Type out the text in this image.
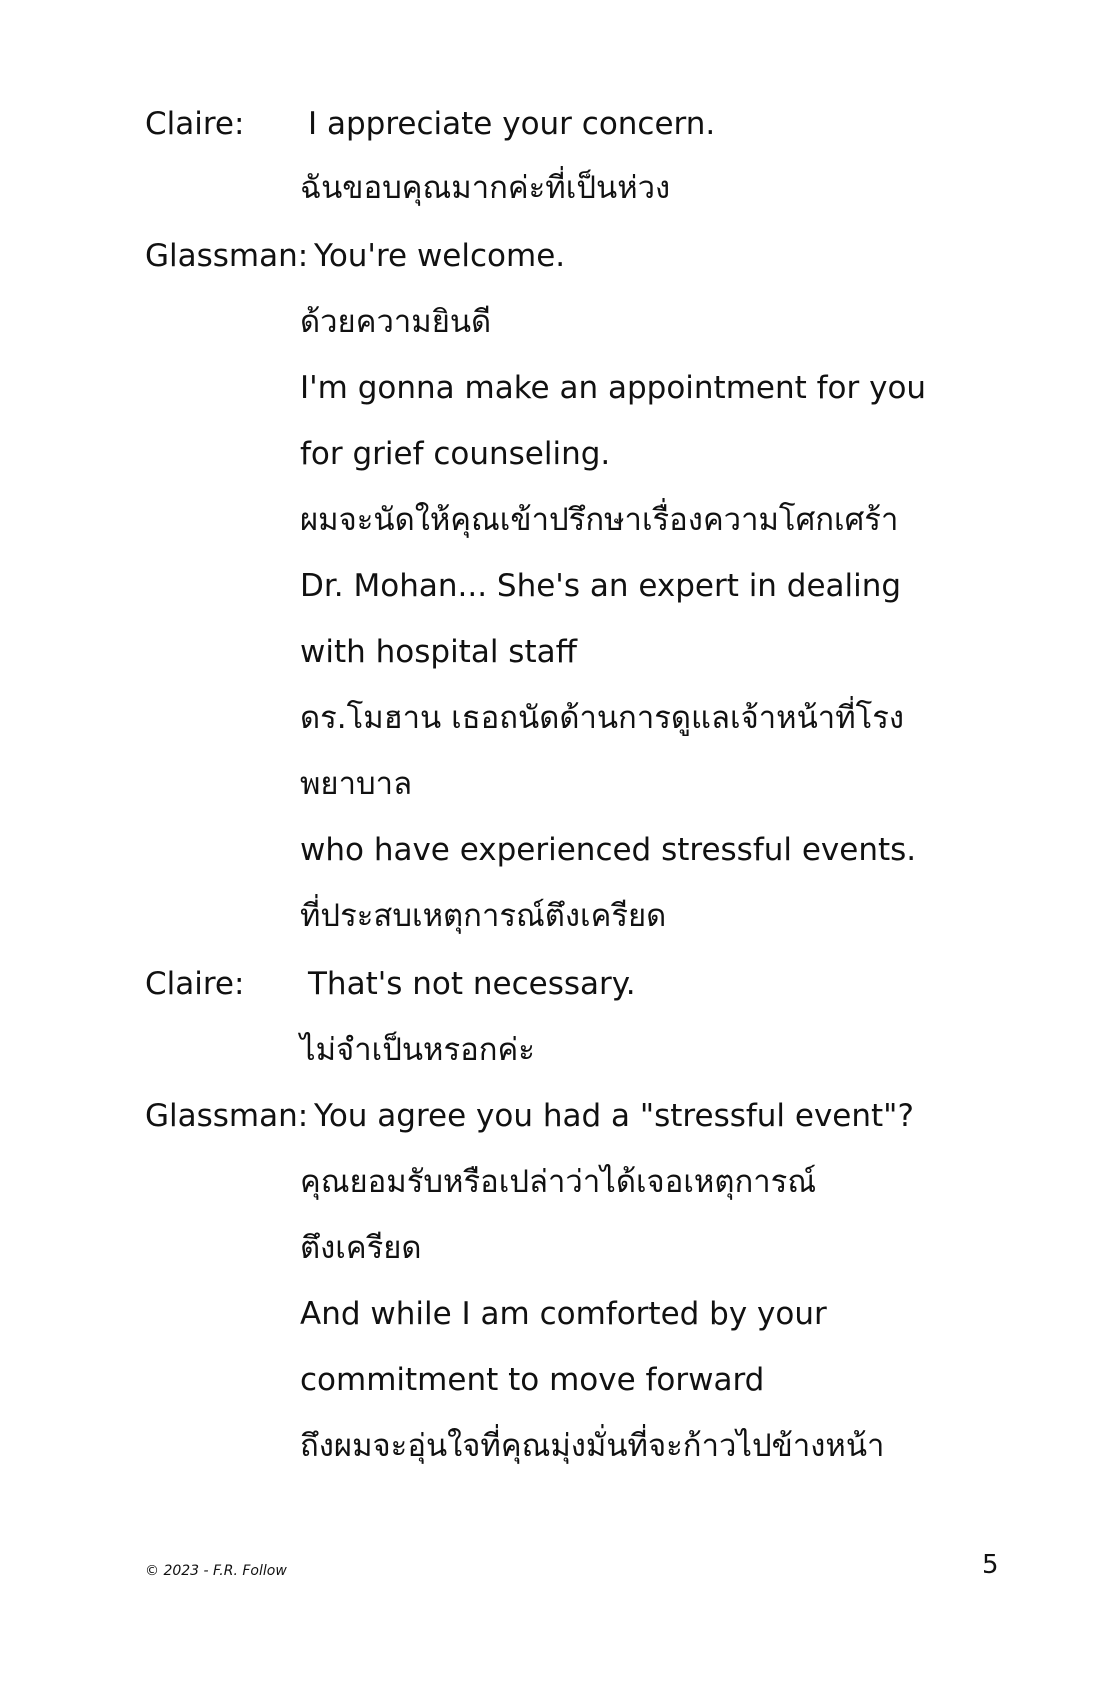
Claire: I appreciate your concern.
ฉันขอบคุณมากค่ะที่เป็นห่วง
Glassman: You're welcome.
ด้วยความยินดี
I'm gonna make an appointment for you
for grief counseling.
ผมจะนัดให้คุณเข้าปรึกษาเรื่องความโศกเศร้า
Dr. Mohan... She's an expert in dealing
with hospital staff
ดร.โมฮาน เธอถนัดด้านการดูแลเจ้าหน้าที่โรง
พยาบาล
who have experienced stressful events.
ที่ประสบเหตุการณ์ตึงเครียด
Claire: That's not necessary.
ไม่จำเป็นหรอกค่ะ
Glassman: You agree you had a "stressful event"?
คุณยอมรับหรือเปล่าว่าได้เจอเหตุการณ์
ตึงเครียด
And while I am comforted by your
commitment to move forward
ถึงผมจะอุ่นใจที่คุณมุ่งมั่นที่จะก้าวไปข้างหน้า
© 2023 - F.R. Follow	5
